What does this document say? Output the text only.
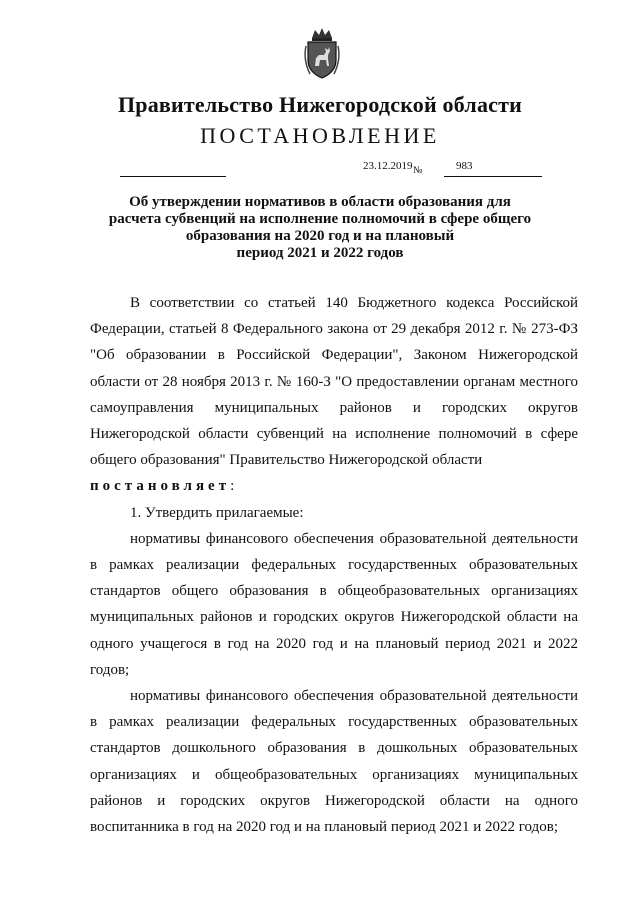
Правительство Нижегородской области
ПОСТАНОВЛЕНИЕ
23.12.2019 №	983
Об утверждении нормативов в области образования для
расчета субвенций на исполнение полномочий в сфере общего
образования на 2020 год и на плановый
период 2021 и 2022 годов

В соответствии со статьей 140 Бюджетного кодекса Российской Федерации, статьей 8 Федерального закона от 29 декабря 2012 г. № 273-ФЗ "Об образовании в Российской Федерации", Законом Нижегородской области от 28 ноября 2013 г. № 160-З "О предоставлении органам местного самоуправления муниципальных районов и городских округов Нижегородской области субвенций на исполнение полномочий в сфере общего образования" Правительство Нижегородской области
постановляет:

1. Утвердить прилагаемые:

нормативы финансового обеспечения образовательной деятельности в рамках реализации федеральных государственных образовательных стандартов общего образования в общеобразовательных организациях муниципальных районов и городских округов Нижегородской области на одного учащегося в год на 2020 год и на плановый период 2021 и 2022 годов;

нормативы финансового обеспечения образовательной деятельности в рамках реализации федеральных государственных образовательных стандартов дошкольного образования в дошкольных образовательных организациях и общеобразовательных организациях муниципальных районов и городских округов Нижегородской области на одного воспитанника в год на 2020 год и на плановый период 2021 и 2022 годов;
